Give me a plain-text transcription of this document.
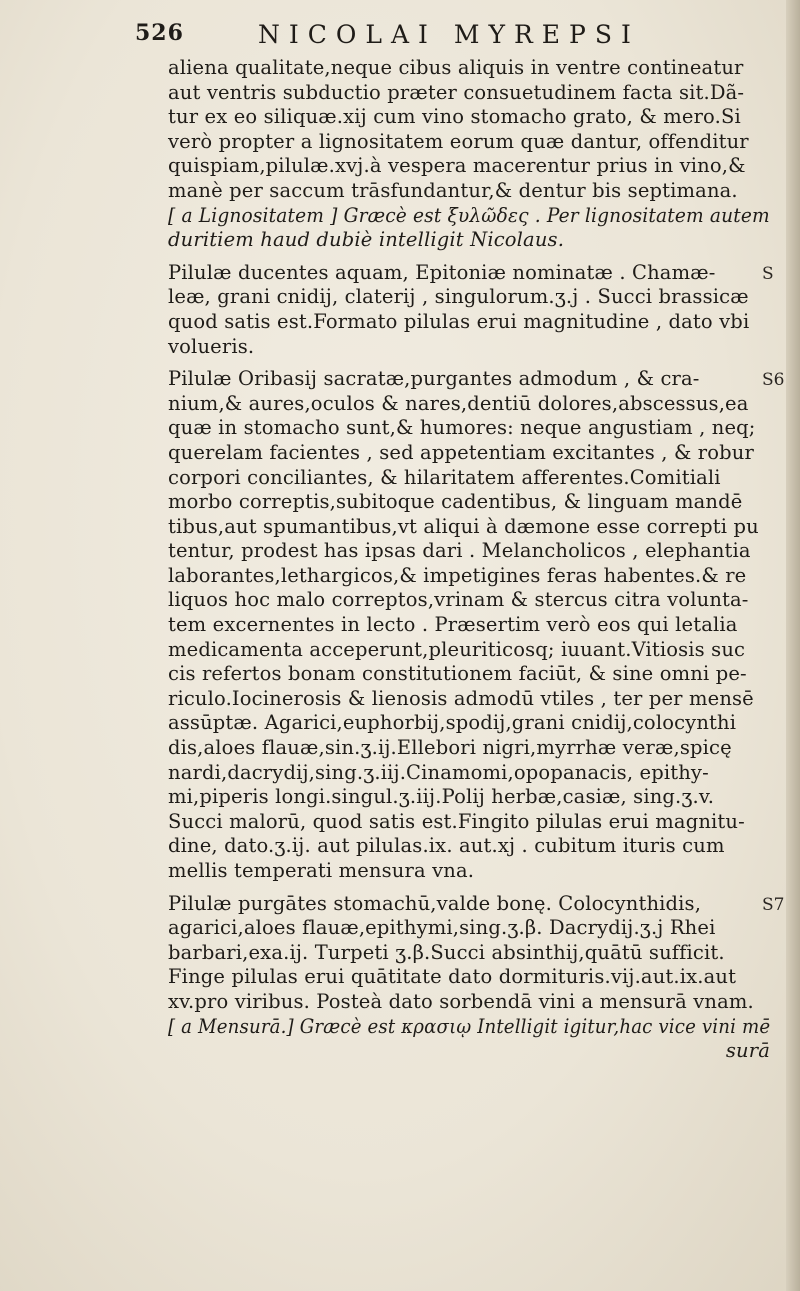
526	NICOLAI MYREPSI
aliena qualitate,neque cibus aliquis in ventre contineatur
aut ventris subductio præter consuetudinem facta sit.Dã-
tur ex eo siliquæ.xij cum vino stomacho grato, & mero.Si
verò propter a lignositatem eorum quæ dantur, offenditur
quispiam,pilulæ.xvj.à vespera macerentur prius in vino,&
manè per saccum trāsfundantur,& dentur bis septimana.
[ a Lignositatem ] Græcè est ξυλῶδες . Per lignositatem autem
duritiem haud dubiè intelligit Nicolaus.
Pilulæ ducentes aquam, Epitoniæ nominatæ . Chamæ-
leæ, grani cnidij, claterij , singulorum.ʒ.j . Succi brassicæ
quod satis est.Formato pilulas erui magnitudine , dato vbi
volueris.
Pilulæ Oribasij sacratæ,purgantes admodum , & cra-
nium,& aures,oculos & nares,dentiū dolores,abscessus,ea
quæ in stomacho sunt,& humores: neque angustiam , neq;
querelam facientes , sed appetentiam excitantes , & robur
corpori conciliantes, & hilaritatem afferentes.Comitiali
morbo correptis,subitoque cadentibus, & linguam mandē
tibus,aut spumantibus,vt aliqui à dæmone esse correpti pu
tentur, prodest has ipsas dari . Melancholicos , elephantia
laborantes,lethargicos,& impetigines feras habentes.& re
liquos hoc malo correptos,vrinam & stercus citra volunta-
tem excernentes in lecto . Præsertim verò eos qui letalia
medicamenta acceperunt,pleuriticosq; iuuant.Vitiosis suc
cis refertos bonam constitutionem faciūt, & sine omni pe-
riculo.Iocinerosis & lienosis admodū vtiles , ter per mensē
assūptæ. Agarici,euphorbij,spodij,grani cnidij,colocynthi
dis,aloes flauæ,sin.ʒ.ij.Ellebori nigri,myrrhæ veræ,spicę
nardi,dacrydij,sing.ʒ.iij.Cinamomi,opopanacis, epithy-
mi,piperis longi.singul.ʒ.iij.Polij herbæ,casiæ, sing.ʒ.v.
Succi malorū, quod satis est.Fingito pilulas erui magnitu-
dine, dato.ʒ.ij. aut pilulas.ix. aut.xj . cubitum ituris cum
mellis temperati mensura vna.
Pilulæ purgātes stomachū,valde bonę. Colocynthidis,
agarici,aloes flauæ,epithymi,sing.ʒ.β. Dacrydij.ʒ.j Rhei
barbari,exa.ij. Turpeti ʒ.β.Succi absinthij,quātū sufficit.
Finge pilulas erui quātitate dato dormituris.vij.aut.ix.aut
xv.pro viribus. Posteà dato sorbendā vini a mensurā vnam.
[ a Mensurā.] Græcè est κρασιῳ Intelligit igitur,hac vice vini mē
surā
S
S6
S7
